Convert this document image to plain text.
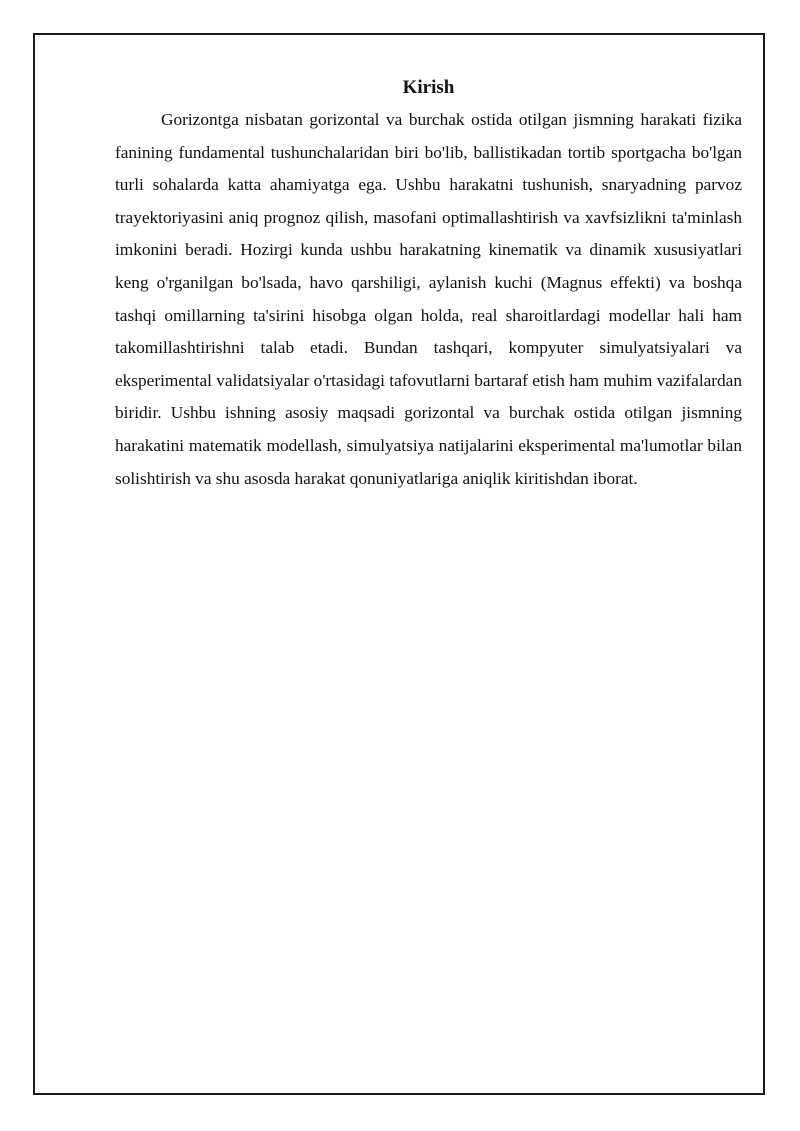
Kirish

Gorizontga nisbatan gorizontal va burchak ostida otilgan jismning harakati fizika fanining fundamental tushunchalaridan biri bo'lib, ballistikadan tortib sportgacha bo'lgan turli sohalarda katta ahamiyatga ega. Ushbu harakatni tushunish, snaryadning parvoz trayektoriyasini aniq prognoz qilish, masofani optimallashtirish va xavfsizlikni ta'minlash imkonini beradi. Hozirgi kunda ushbu harakatning kinematik va dinamik xususiyatlari keng o'rganilgan bo'lsada, havo qarshiligi, aylanish kuchi (Magnus effekti) va boshqa tashqi omillarning ta'sirini hisobga olgan holda, real sharoitlardagi modellar hali ham takomillashtirishni talab etadi. Bundan tashqari, kompyuter simulyatsiyalari va eksperimental validatsiyalar o'rtasidagi tafovutlarni bartaraf etish ham muhim vazifalardan biridir. Ushbu ishning asosiy maqsadi gorizontal va burchak ostida otilgan jismning harakatini matematik modellash, simulyatsiya natijalarini eksperimental ma'lumotlar bilan solishtirish va shu asosda harakat qonuniyatlariga aniqlik kiritishdan iborat.
